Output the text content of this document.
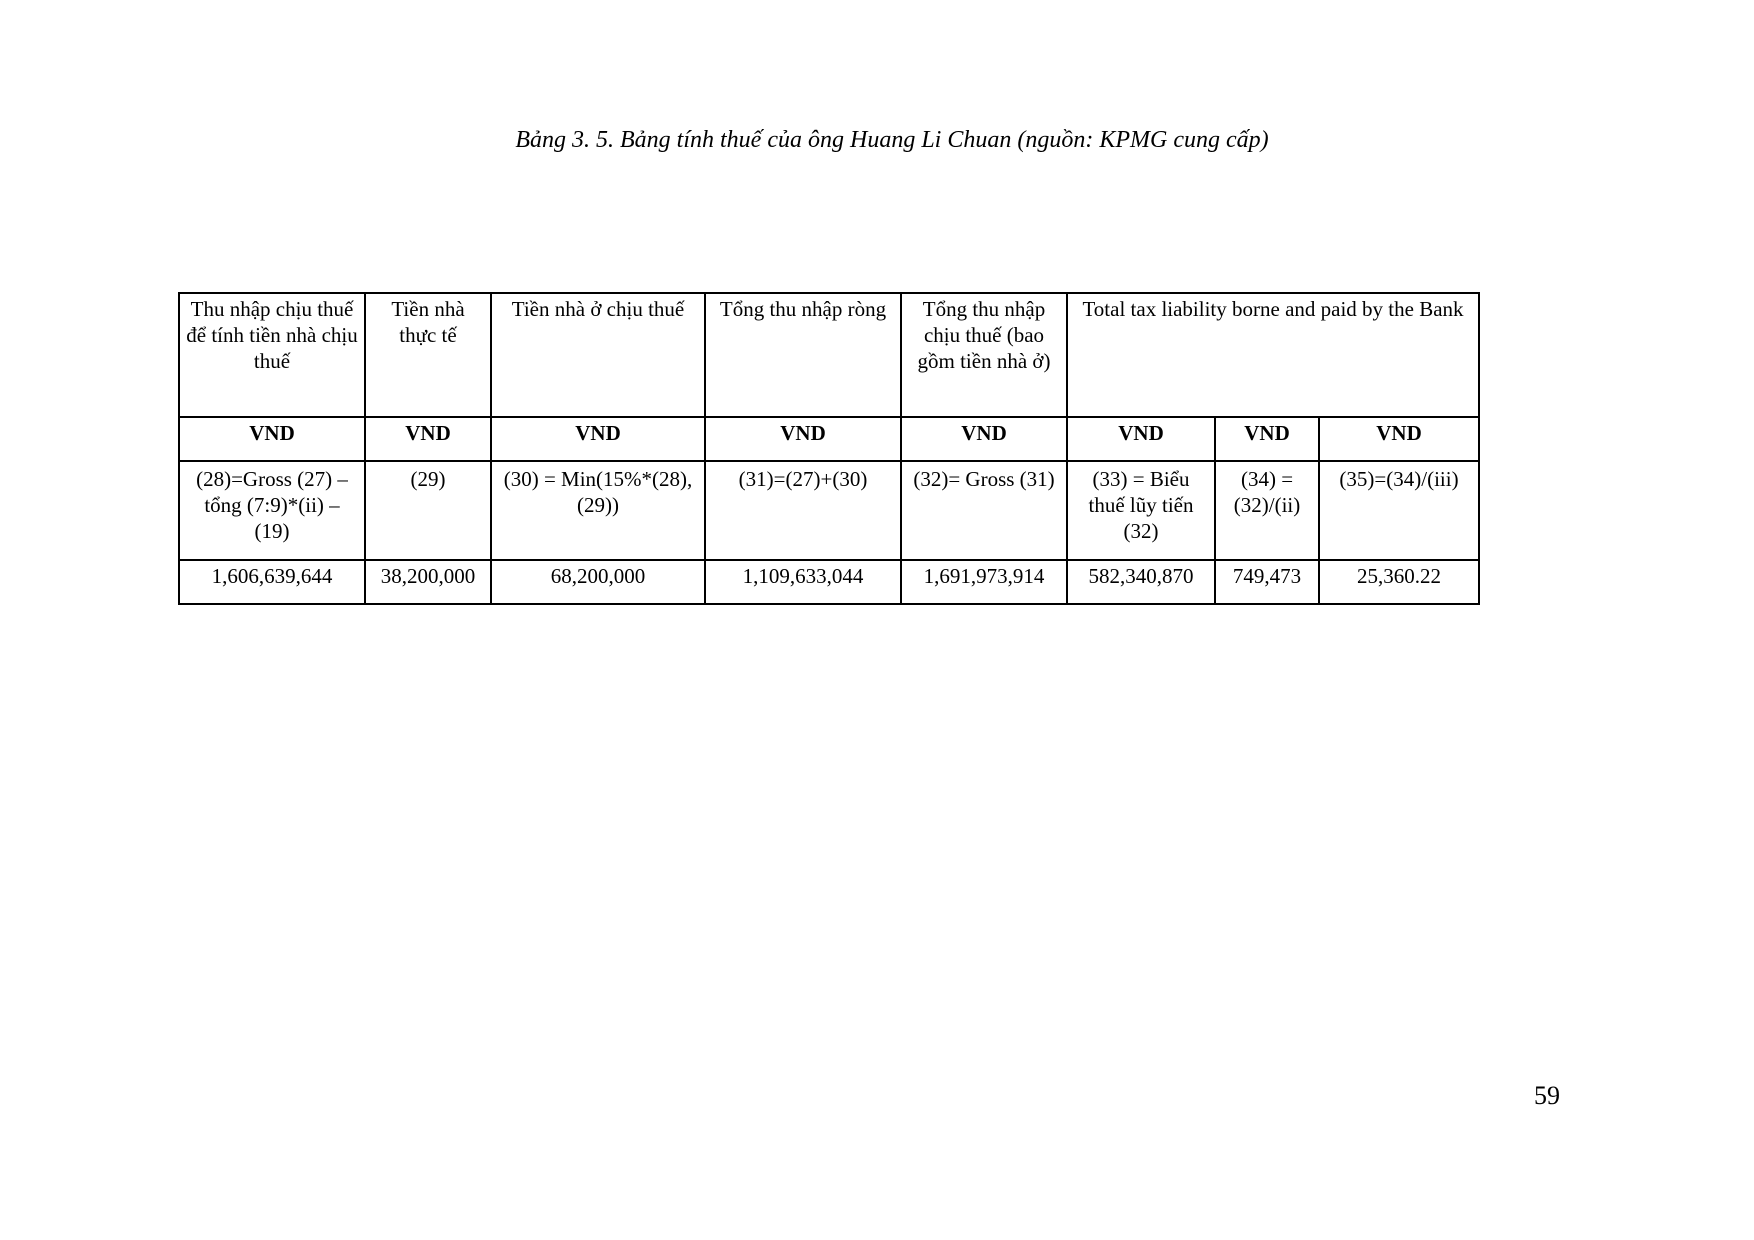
Bảng 3. 5. Bảng tính thuế của ông Huang Li Chuan (nguồn: KPMG cung cấp)
Thu nhập chịu thuế để tính tiền nhà chịu thuế	Tiền nhà thực tế	Tiền nhà ở chịu thuế	Tổng thu nhập ròng	Tổng thu nhập chịu thuế (bao gồm tiền nhà ở)	Total tax liability borne and paid by the Bank		
VND	VND	VND	VND	VND	VND	VND	VND
(28)=Gross (27) – tổng (7:9)*(ii) – (19)	(29)	(30) = Min(15%*(28),(29))	(31)=(27)+(30)	(32)= Gross (31)	(33) = Biểu thuế lũy tiến (32)	(34) = (32)/(ii)	(35)=(34)/(iii)
1,606,639,644	38,200,000	68,200,000	1,109,633,044	1,691,973,914	582,340,870	749,473	25,360.22
59
